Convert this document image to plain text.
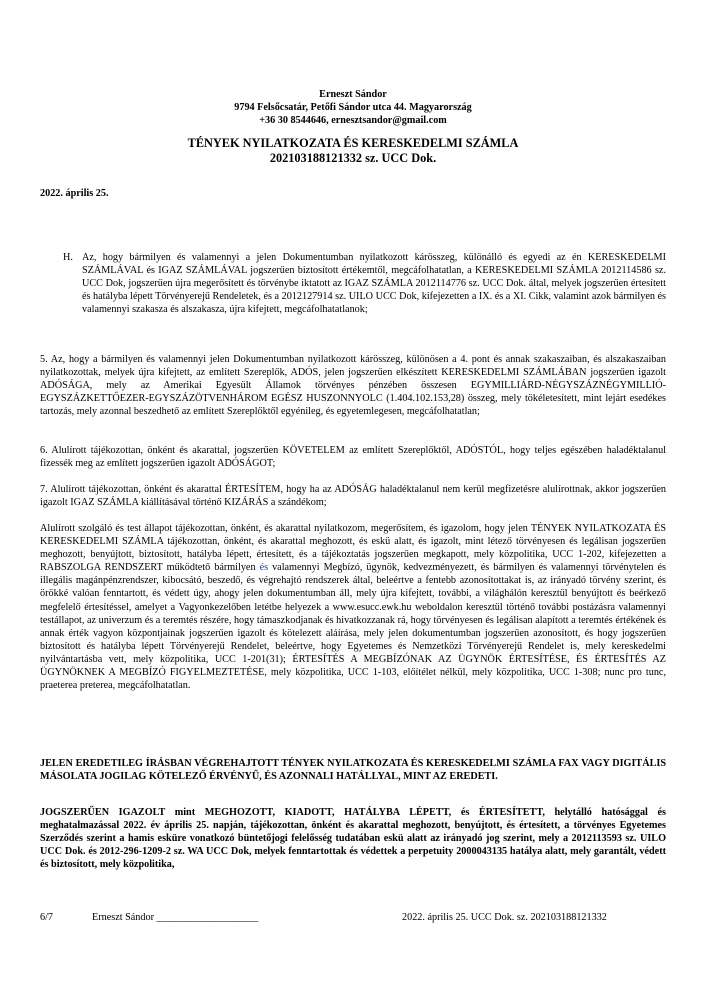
Erneszt Sándor
9794 Felsőcsatár, Petőfi Sándor utca 44. Magyarország
+36 30 8544646, ernesztsandor@gmail.com
TÉNYEK NYILATKOZATA ÉS KERESKEDELMI SZÁMLA
202103188121332 sz. UCC Dok.
2022. április 25.
H. Az, hogy bármilyen és valamennyi a jelen Dokumentumban nyilatkozott kárösszeg, különálló és egyedi az én KERESKEDELMI SZÁMLÁVAL és IGAZ SZÁMLÁVAL jogszerűen biztosított értékemtől, megcáfolhatatlan, a KERESKEDELMI SZÁMLA 2012114586 sz. UCC Dok, jogszerűen újra megerősített és törvénybe iktatott az IGAZ SZÁMLA 2012114776 sz. UCC Dok. által, melyek jogszerűen értesített és hatályba lépett Törvényerejű Rendeletek, és a 2012127914 sz. UILO UCC Dok, kifejezetten a IX. és a XI. Cikk, valamint azok bármilyen és valamennyi szakasza és alszakasza, újra kifejtett, megcáfolhatatlanok;
5. Az, hogy a bármilyen és valamennyi jelen Dokumentumban nyilatkozott kárösszeg, különösen a 4. pont és annak szakaszaiban, és alszakaszaiban nyilatkozottak, melyek újra kifejtett, az említett Szereplők, ADÓS, jelen jogszerűen elkészített KERESKEDELMI SZÁMLÁBAN jogszerűen igazolt ADÓSÁGA, mely az Amerikai Egyesült Államok törvényes pénzében összesen EGYMILLIÁRD-NÉGYSZÁZNÉGYMILLIÓ-EGYSZÁZKETTŐEZER-EGYSZÁZÖTVENHÁROM EGÉSZ HUSZONNYOLC (1.404.102.153,28) összeg, mely tökéletesített, mint lejárt esedékes tartozás, mely azonnal beszedhető az említett Szereplőktől egyénileg, és egyetemlegesen, megcáfolhatatlan;
6. Alulírott tájékozottan, önként és akarattal, jogszerűen KÖVETELEM az említett Szereplőktől, ADÓSTÓL, hogy teljes egészében haladéktalanul fizessék meg az említett jogszerűen igazolt ADÓSÁGOT;
7. Alulírott tájékozottan, önként és akarattal ÉRTESÍTEM, hogy ha az ADÓSÁG haladéktalanul nem kerül megfizetésre alulírottnak, akkor jogszerűen igazolt IGAZ SZÁMLA kiállításával történő KIZÁRÁS a szándékom;
Alulírott szolgáló és test állapot tájékozottan, önként, és akarattal nyilatkozom, megerősítem, és igazolom, hogy jelen TÉNYEK NYILATKOZATA ÉS KERESKEDELMI SZÁMLA tájékozottan, önként, és akarattal meghozott, és eskü alatt, és igazolt, mint létező törvényesen és legálisan jogszerűen meghozott, benyújtott, biztosított, hatályba lépett, értesített, és a tájékoztatás jogszerűen megkapott, mely közpolitika, UCC 1-202, kifejezetten a RABSZOLGA RENDSZERT működtető bármilyen és valamennyi Megbízó, ügynök, kedvezményezett, és bármilyen és valamennyi törvénytelen és illegális magánpénzrendszer, kibocsátó, beszedő, és végrehajtó rendszerek által, beleértve a fentebb azonosítottakat is, az irányadó törvény szerint, és örökké valóan fenntartott, és védett úgy, ahogy jelen dokumentumban áll, mely újra kifejtett, további, a világhálón keresztül benyújtott és beérkező megfelelő értesítéssel, amelyet a Vagyonkezelőben letétbe helyezek a www.esucc.ewk.hu weboldalon keresztül történő további postázásra valamennyi testállapot, az univerzum és a teremtés részére, hogy támaszkodjanak és hivatkozzanak rá, hogy törvényesen és legálisan alapított a teremtés értékének és annak érték vagyon központjainak jogszerűen igazolt és kötelezett aláírása, mely jelen dokumentumban jogszerűen azonosított, és hogy jogszerűen biztosított és hatályba lépett Törvényerejű Rendelet, beleértve, hogy Egyetemes és Nemzetközi Törvényerejű Rendelet is, mely kereskedelmi nyilvántartásba vett, mely közpolitika, UCC 1-201(31); ÉRTESÍTÉS A MEGBÍZÓNAK AZ ÜGYNÖK ÉRTESÍTÉSE, ÉS ÉRTESÍTÉS AZ ÜGYNÖKNEK A MEGBÍZÓ FIGYELMEZTETÉSE, mely közpolitika, UCC 1-103, előítélet nélkül, mely közpolitika, UCC 1-308; nunc pro tunc, praeterea preterea, megcáfolhatatlan.
JELEN EREDETILEG ÍRÁSBAN VÉGREHAJTOTT TÉNYEK NYILATKOZATA ÉS KERESKEDELMI SZÁMLA FAX VAGY DIGITÁLIS MÁSOLATA JOGILAG KÖTELEZŐ ÉRVÉNYŰ, ÉS AZONNALI HATÁLLYAL, MINT AZ EREDETI.
JOGSZERŰEN IGAZOLT mint MEGHOZOTT, KIADOTT, HATÁLYBA LÉPETT, és ÉRTESÍTETT, helytálló hatósággal és meghatalmazással 2022. év április 25. napján, tájékozottan, önként és akarattal meghozott, benyújtott, és értesített, a törvényes Egyetemes Szerződés szerint a hamis esküre vonatkozó büntetőjogi felelősség tudatában eskü alatt az irányadó jog szerint, mely a 2012113593 sz. UILO UCC Dok. és 2012-296-1209-2 sz. WA UCC Dok, melyek fenntartottak és védettek a perpetuity 2000043135 hatálya alatt, mely garantált, védett és biztosított, mely közpolitika,
6/7	Erneszt Sándor ____________________	2022. április 25. UCC Dok. sz. 202103188121332
